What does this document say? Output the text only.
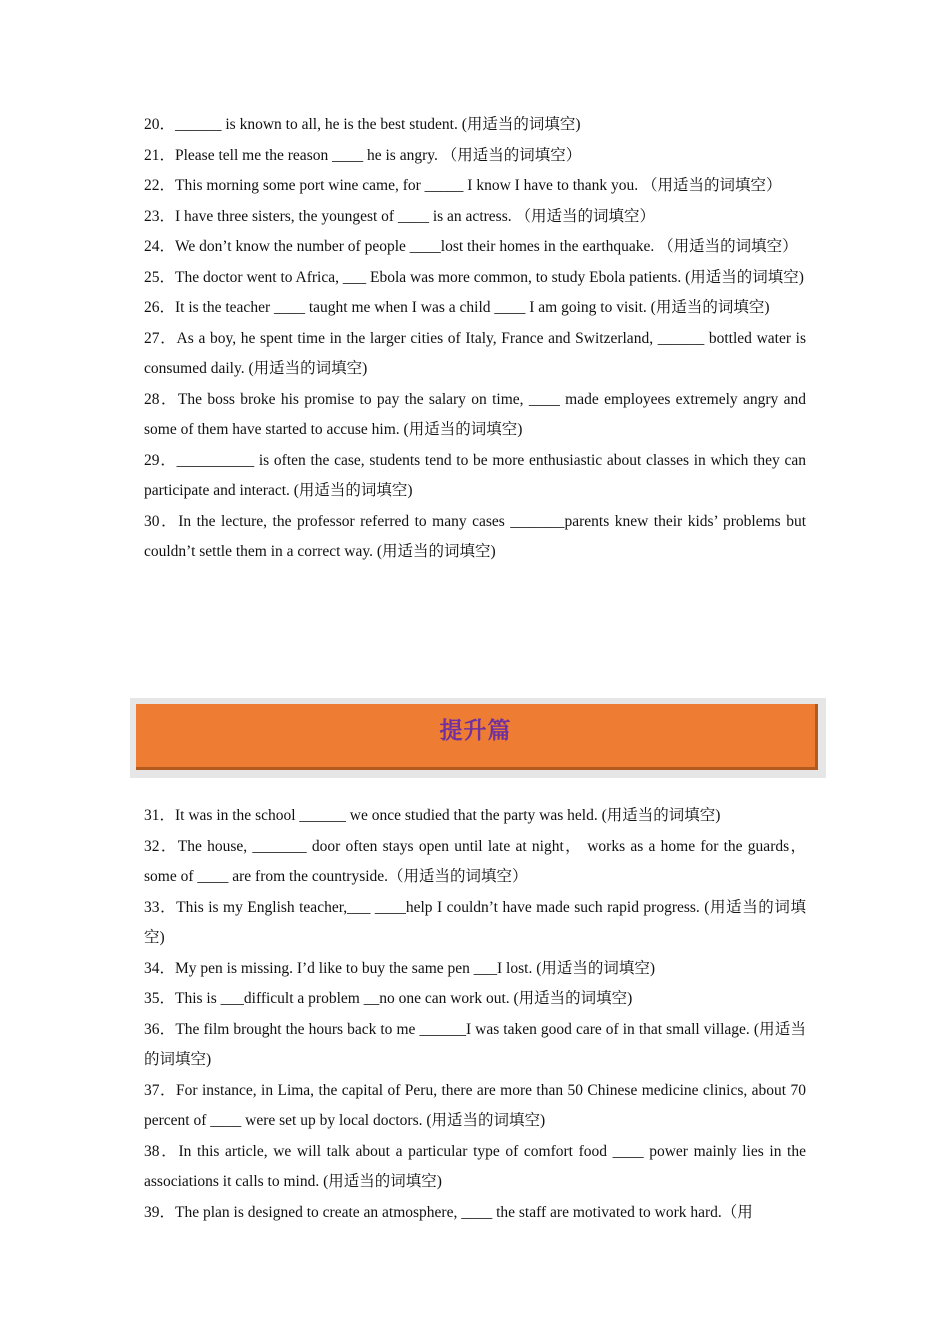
20．______ is known to all, he is the best student. (用适当的词填空)

21．Please tell me the reason ____ he is angry. （用适当的词填空）

22．This morning some port wine came, for _____ I know I have to thank you. （用适当的词填空）

23．I have three sisters, the youngest of ____ is an actress. （用适当的词填空）

24．We don’t know the number of people ____lost their homes in the earthquake. （用适当的词填空）

25．The doctor went to Africa, ___ Ebola was more common, to study Ebola patients. (用适当的词填空)

26．It is the teacher ____ taught me when I was a child ____ I am going to visit. (用适当的词填空)

27．As a boy, he spent time in the larger cities of Italy, France and Switzerland, ______ bottled water is consumed daily. (用适当的词填空)

28．The boss broke his promise to pay the salary on time, ____ made employees extremely angry and some of them have started to accuse him. (用适当的词填空)

29．__________ is often the case, students tend to be more enthusiastic about classes in which they can participate and interact. (用适当的词填空)

30．In the lecture, the professor referred to many cases _______parents knew their kids’ problems but couldn’t settle them in a correct way. (用适当的词填空)

提升篇

31．It was in the school ______ we once studied that the party was held. (用适当的词填空)

32．The house, _______ door often stays open until late at night， works as a home for the guards，some of ____ are from the countryside.（用适当的词填空）

33．This is my English teacher,___ ____help I couldn’t have made such rapid progress. (用适当的词填空)

34．My pen is missing. I’d like to buy the same pen ___I lost. (用适当的词填空)

35．This is ___difficult a problem __no one can work out. (用适当的词填空)

36．The film brought the hours back to me ______I was taken good care of in that small village. (用适当的词填空)

37．For instance, in Lima, the capital of Peru, there are more than 50 Chinese medicine clinics, about 70 percent of ____ were set up by local doctors. (用适当的词填空)

38．In this article, we will talk about a particular type of comfort food ____ power mainly lies in the associations it calls to mind. (用适当的词填空)

39．The plan is designed to create an atmosphere, ____ the staff are motivated to work hard.（用
